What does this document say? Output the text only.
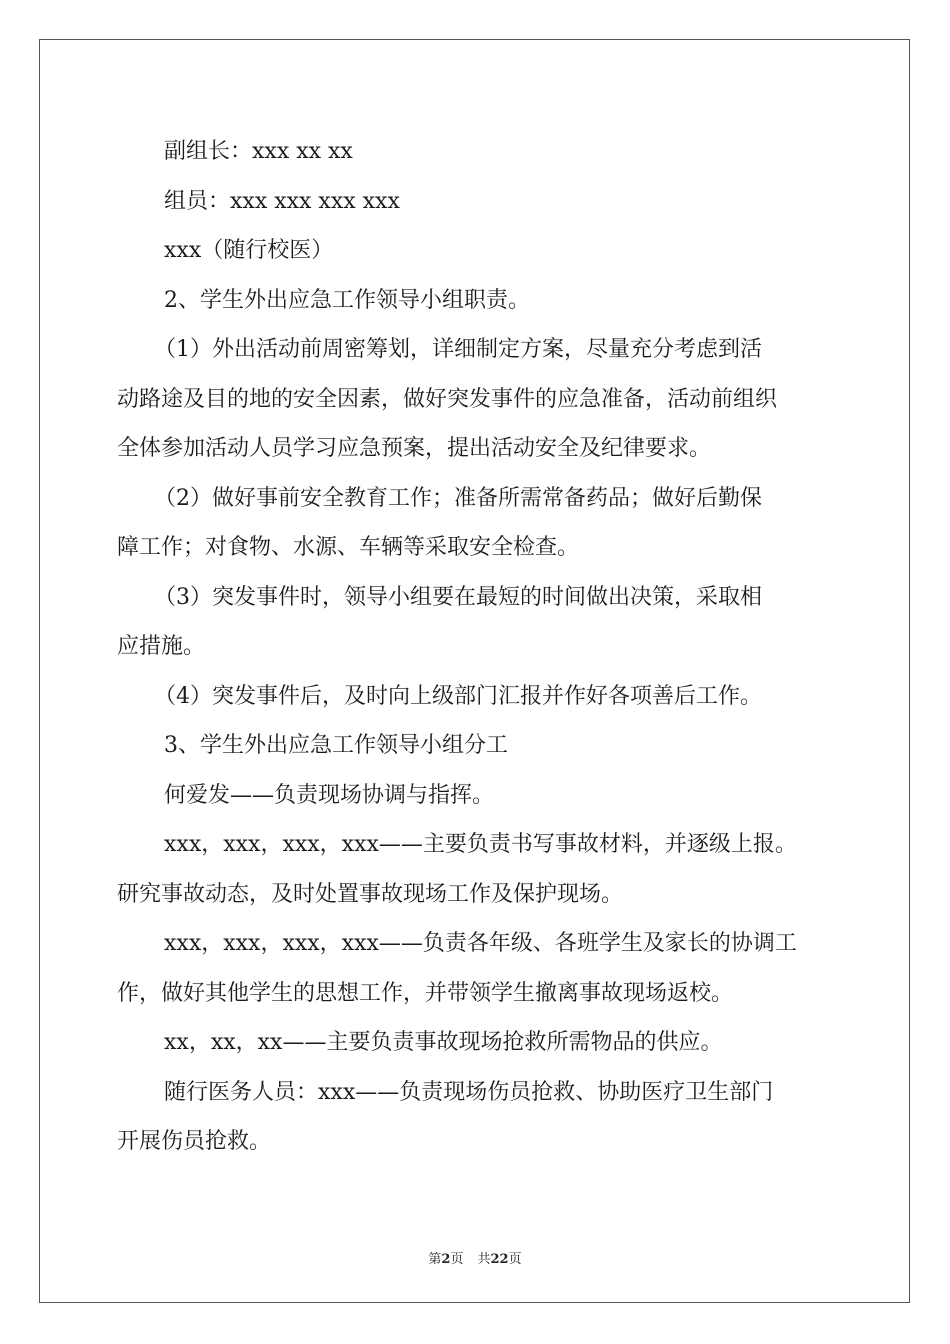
副组长：xxx xx xx

组员：xxx xxx xxx xxx

xxx（随行校医）

2、学生外出应急工作领导小组职责。

（1）外出活动前周密筹划，详细制定方案，尽量充分考虑到活

动路途及目的地的安全因素，做好突发事件的应急准备，活动前组织

全体参加活动人员学习应急预案，提出活动安全及纪律要求。

（2）做好事前安全教育工作；准备所需常备药品；做好后勤保

障工作；对食物、水源、车辆等采取安全检查。

（3）突发事件时，领导小组要在最短的时间做出决策，采取相

应措施。

（4）突发事件后，及时向上级部门汇报并作好各项善后工作。

3、学生外出应急工作领导小组分工

何爱发——负责现场协调与指挥。

xxx，xxx，xxx，xxx——主要负责书写事故材料，并逐级上报。

研究事故动态，及时处置事故现场工作及保护现场。

xxx，xxx，xxx，xxx——负责各年级、各班学生及家长的协调工

作，做好其他学生的思想工作，并带领学生撤离事故现场返校。

xx，xx，xx——主要负责事故现场抢救所需物品的供应。

随行医务人员：xxx——负责现场伤员抢救、协助医疗卫生部门

开展伤员抢救。

第2页 共22页
